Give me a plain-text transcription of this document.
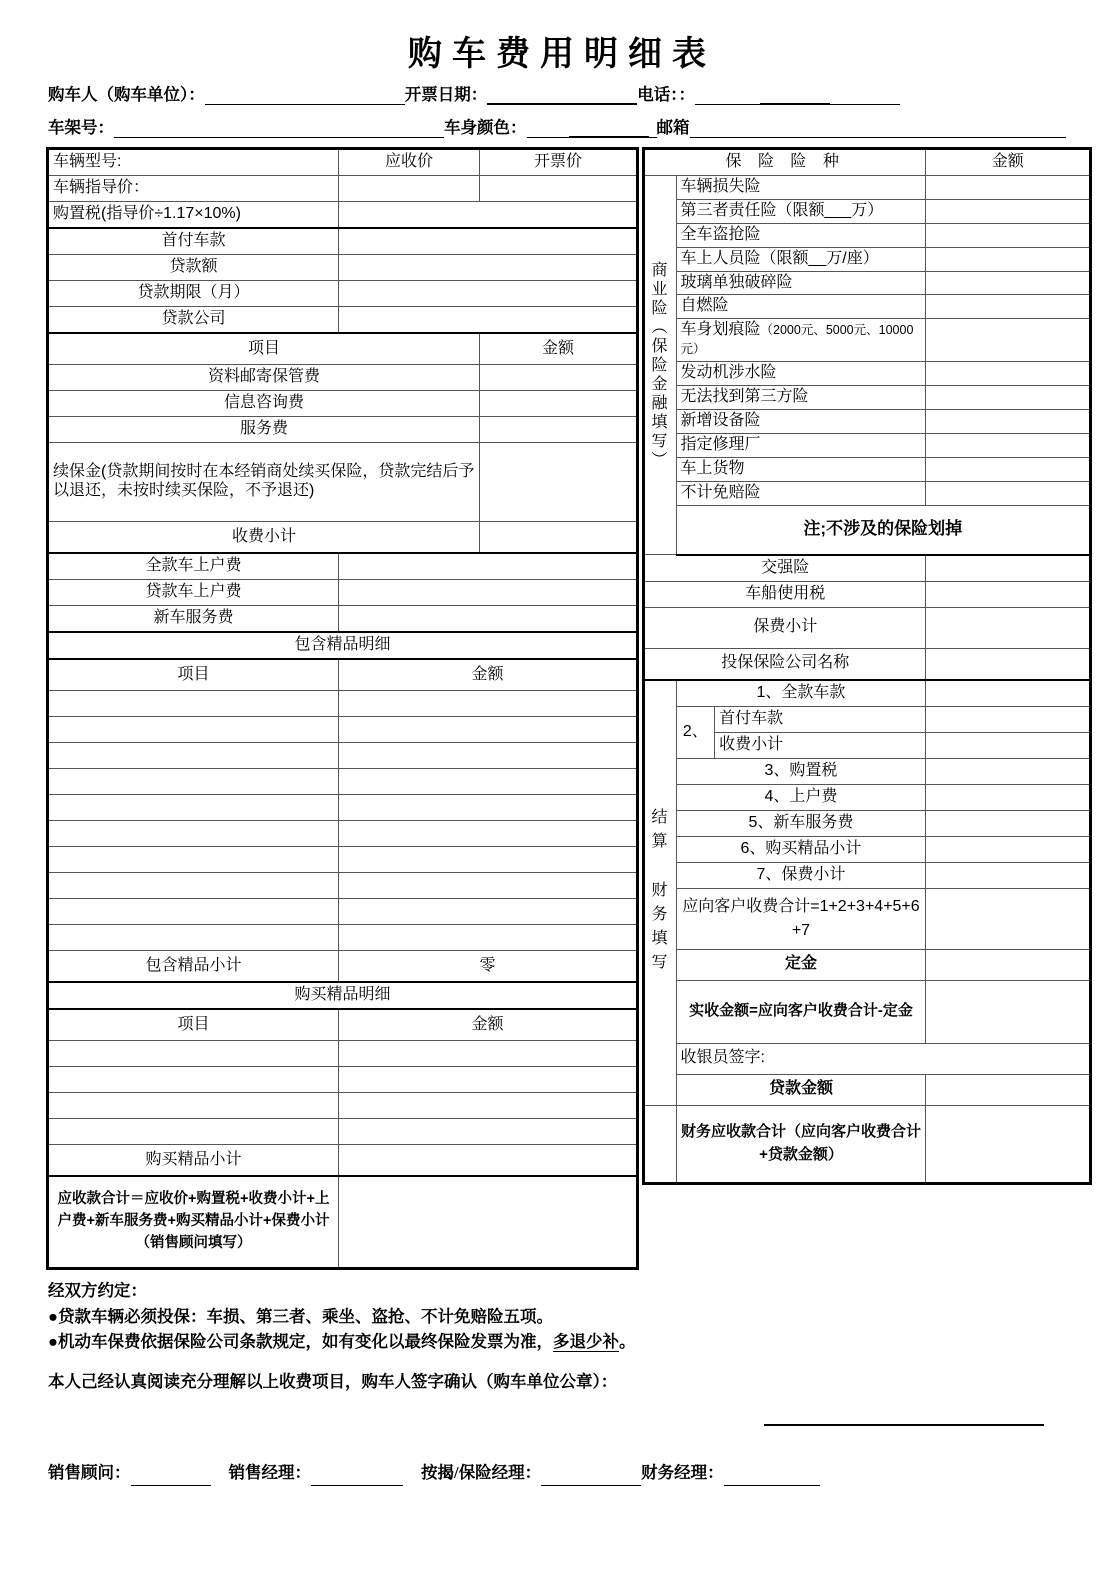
购车费用明细表
购车人（购车单位）：	开票日期：	电话：：
车架号：	车身颜色：	邮箱
车辆型号:	应收价	开票价
车辆指导价：		
购置税(指导价÷1.17×10%)		
首付车款		
贷款额		
贷款期限（月）		
贷款公司		
项目		金额
资料邮寄保管费		
信息咨询费		
服务费		
续保金(贷款期间按时在本经销商处续买保险，贷款完结后予以退还，未按时续买保险，不予退还)		
收费小计		
全款车上户费		
贷款车上户费		
新车服务费		
包含精品明细		
项目	金额	

包含精品小计	零	
购买精品明细		
项目	金额	

购买精品小计		
应收款合计＝应收价+购置税+收费小计+上户费+新车服务费+购买精品小计+保费小计（销售顾问填写）		
保 险 险 种			金额

商业险（保险金融填写）	车辆损失险		
	第三者责任险（限额___万）		
	全车盗抢险		
	车上人员险（限额__万/座）		
	玻璃单独破碎险		
	自燃险		
	车身划痕险（2000元、5000元、10000元）		
	发动机涉水险		
	无法找到第三方险		
	新增设备险		
	指定修理厂		
	车上货物		
	不计免赔险		
	注;不涉及的保险划掉		
交强险			
车船使用税			
保费小计			
投保保险公司名称			

结算 财务填写	1、全款车款		
	2、	首付车款	
		收费小计	
	3、购置税		
	4、上户费		
	5、新车服务费		
	6、购买精品小计		
	7、保费小计		
	应向客户收费合计=1+2+3+4+5+6+7		
	定金		
	实收金额=应向客户收费合计-定金		
	收银员签字:		
	贷款金额		
	财务应收款合计（应向客户收费合计+贷款金额）		
经双方约定：
●贷款车辆必须投保：车损、第三者、乘坐、盗抢、不计免赔险五项。
●机动车保费依据保险公司条款规定，如有变化以最终保险发票为准，多退少补。
本人己经认真阅读充分理解以上收费项目，购车人签字确认（购车单位公章）：
销售顾问：	销售经理：	按揭/保险经理：	财务经理：
